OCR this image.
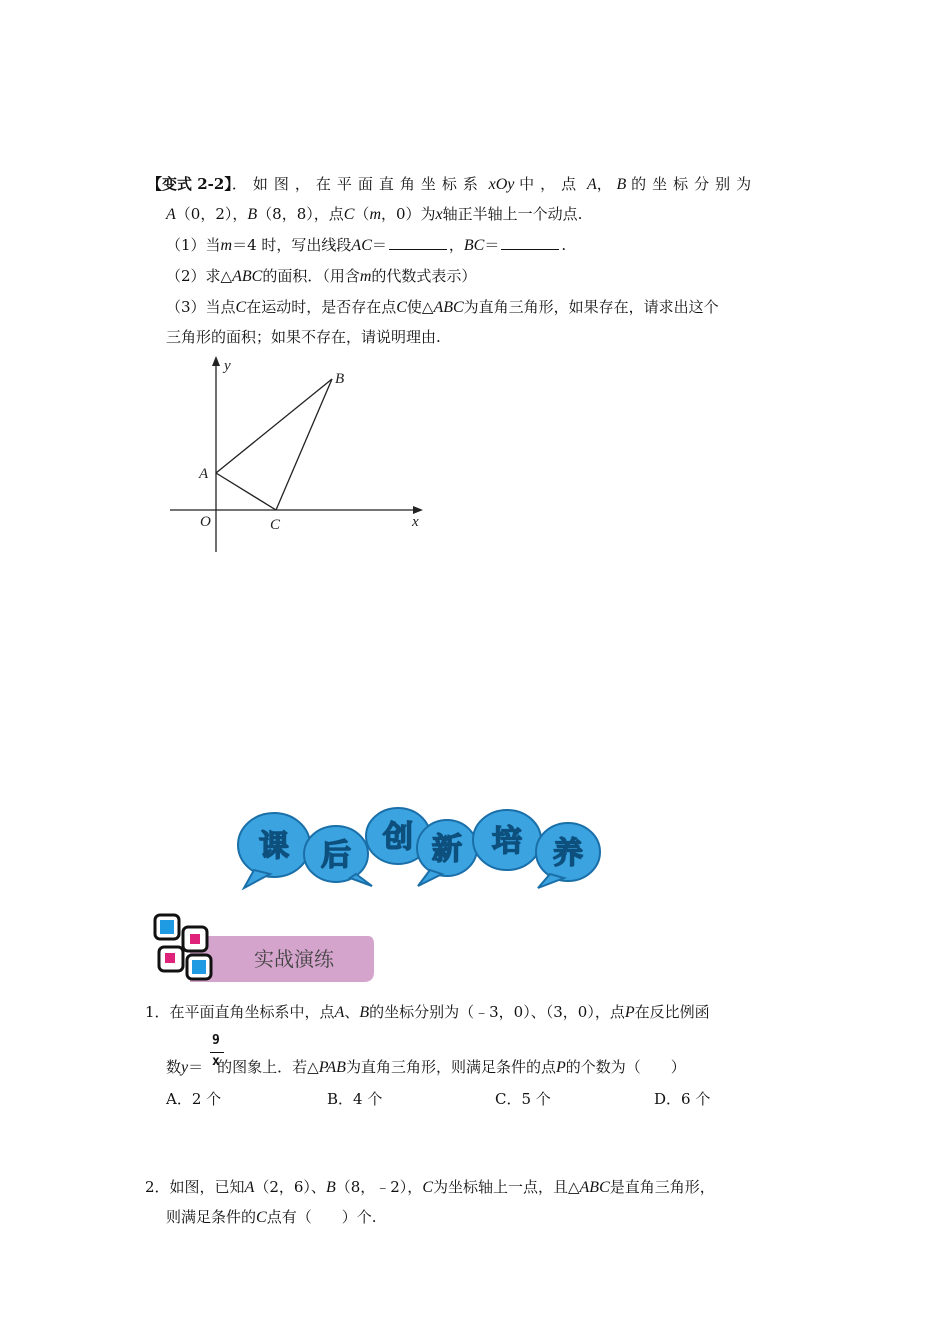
【变式 2-2】．如图，在平面直角坐标系 xOy 中，点 A， B 的坐标分别为
A（0，2），B（8，8），点C（m，0）为x轴正半轴上一个动点.
（1）当m＝4 时，写出线段AC＝	，BC＝	.
（2）求△ABC的面积．（用含m的代数式表示）
（3）当点C在运动时，是否存在点C使△ABC为直角三角形，如果存在，请求出这个
三角形的面积；如果不存在，请说明理由.
y
B
A
O	C	x
课 后
创 新 培 养
实战演练
1．在平面直角坐标系中，点A、B的坐标分别为（﹣3，0）、（3，0），点P在反比例函
9
x
数y＝ 的图象上．若△PAB为直角三角形，则满足条件的点P的个数为（　　）
A．2 个	B．4 个	C．5 个	D．6 个
2．如图，已知A（2，6）、B（8，﹣2），C为坐标轴上一点，且△ABC是直角三角形，
则满足条件的C点有（　　）个.
